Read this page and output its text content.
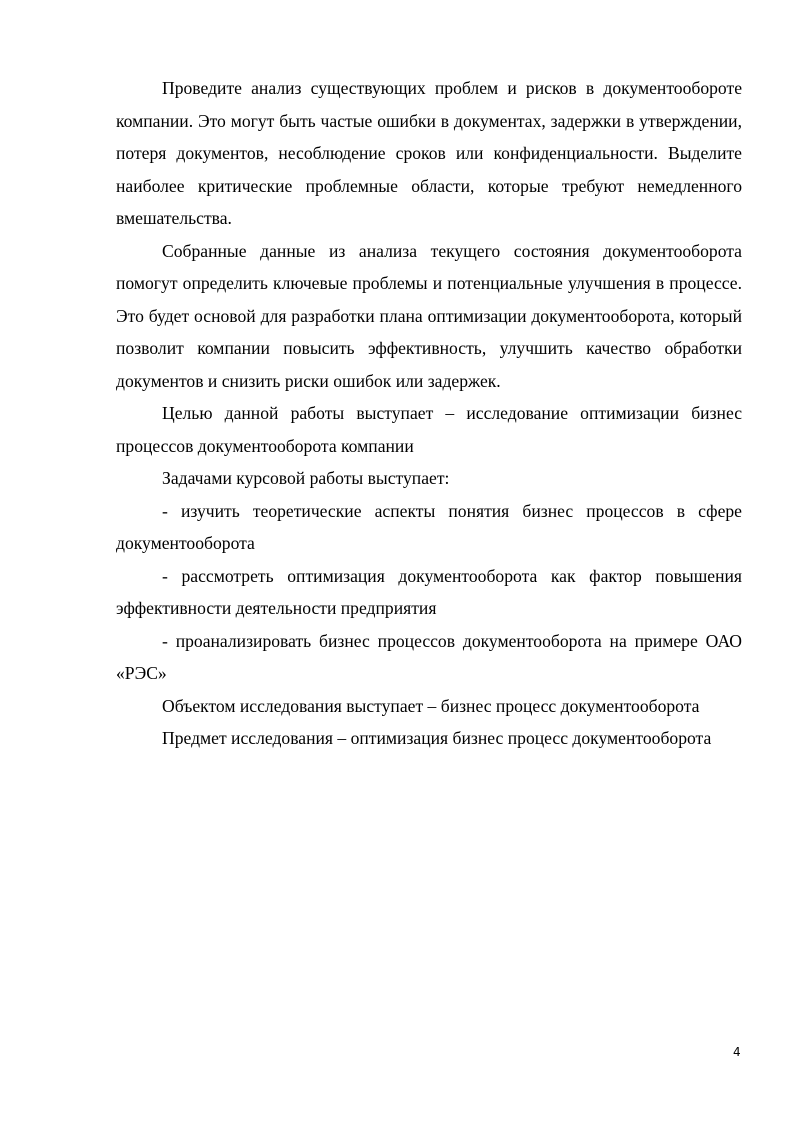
Проведите анализ существующих проблем и рисков в документообороте компании. Это могут быть частые ошибки в документах, задержки в утверждении, потеря документов, несоблюдение сроков или конфиденциальности. Выделите наиболее критические проблемные области, которые требуют немедленного вмешательства.

Собранные данные из анализа текущего состояния документооборота помогут определить ключевые проблемы и потенциальные улучшения в процессе. Это будет основой для разработки плана оптимизации документооборота, который позволит компании повысить эффективность, улучшить качество обработки документов и снизить риски ошибок или задержек.

Целью данной работы выступает – исследование оптимизации бизнес процессов документооборота компании

Задачами курсовой работы выступает:

- изучить теоретические аспекты понятия бизнес процессов в сфере документооборота

- рассмотреть оптимизация документооборота как фактор повышения эффективности деятельности предприятия

- проанализировать бизнес процессов документооборота на примере ОАО «РЭС»

Объектом исследования выступает – бизнес процесс документооборота

Предмет исследования – оптимизация бизнес процесс документооборота

4
